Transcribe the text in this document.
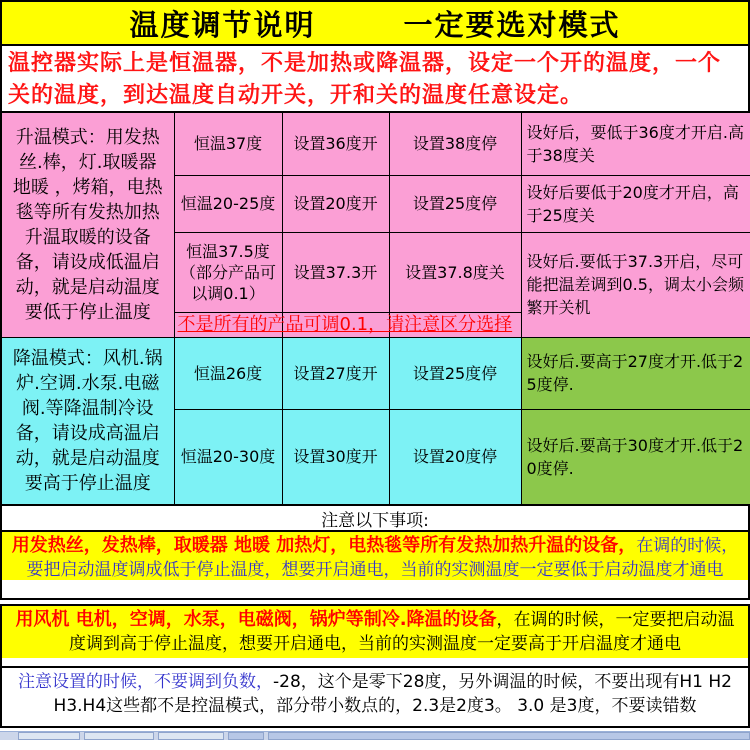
温度调节说明	一定要选对模式
温控器实际上是恒温器，不是加热或降温器，设定一个开的温度，一个关的温度，到达温度自动开关，开和关的温度任意设定。
升温模式：用发热丝.棒，灯.取暖器 地暖 ，烤箱，电热毯等所有发热加热升温取暖的设备备，请设成低温启动，就是启动温度要低于停止温度	恒温37度	设置36度开	设置38度停	设好后，要低于36度才开启.高于38度关
	恒温20-25度	设置20度开	设置25度停	设好后要低于20度才开启，高于25度关
	恒温37.5度（部分产品可以调0.1）	设置37.3开	设置37.8度关	设好后.要低于37.3开启，尽可能把温差调到0.5，调太小会频繁开关机

不是所有的产品可调0.1，请注意区分选择			
降温模式：风机.锅炉.空调.水泵.电磁阀.等降温制冷设备，请设成高温启动，就是启动温度要高于停止温度	恒温26度	设置27度开	设置25度停	设好后.要高于27度才开.低于25度停.
	恒温20-30度	设置30度开	设置20度停	设好后.要高于30度才开.低于20度停.
注意以下事项:
用发热丝，发热棒，取暖器 地暖 加热灯，电热毯等所有发热加热升温的设备，在调的时候，要把启动温度调成低于停止温度，想要开启通电，当前的实测温度一定要低于启动温度才通电
用风机 电机，空调，水泵，电磁阀，锅炉等制冷.降温的设备，在调的时候，一定要把启动温度调到高于停止温度，想要开启通电，当前的实测温度一定要高于开启温度才通电
注意设置的时候，不要调到负数，-28，这个是零下28度，另外调温的时候，不要出现有H1 H2 H3.H4这些都不是控温模式，部分带小数点的，2.3是2度3。 3.0 是3度，不要读错数
